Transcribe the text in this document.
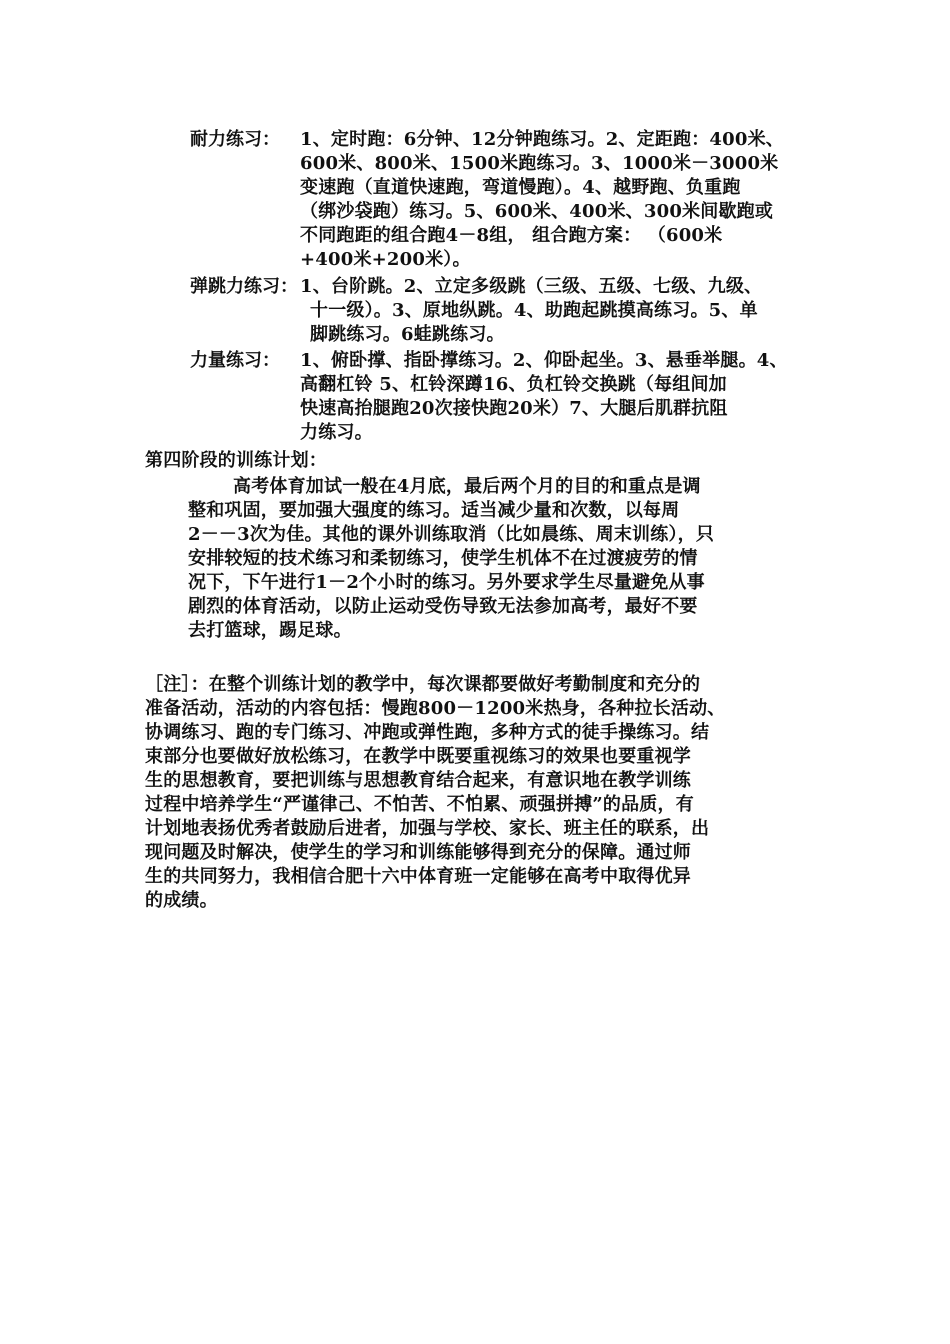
耐力练习： 1、定时跑：6分钟、12分钟跑练习。2、定距跑：400米、
600米、800米、1500米跑练习。3、1000米－3000米
变速跑（直道快速跑，弯道慢跑）。4、越野跑、负重跑
（绑沙袋跑）练习。5、600米、400米、300米间歇跑或
不同跑距的组合跑4－8组， 组合跑方案： （600米
+400米+200米）。
弹跳力练习： 1、台阶跳。2、立定多级跳（三级、五级、七级、九级、
十一级）。3、原地纵跳。4、助跑起跳摸高练习。5、单
脚跳练习。6蛙跳练习。
力量练习： 1、俯卧撑、指卧撑练习。2、仰卧起坐。3、悬垂举腿。4、
高翻杠铃 5、杠铃深蹲16、负杠铃交换跳（每组间加
快速高抬腿跑20次接快跑20米）7、大腿后肌群抗阻
力练习。
第四阶段的训练计划：
高考体育加试一般在4月底，最后两个月的目的和重点是调
整和巩固，要加强大强度的练习。适当减少量和次数，以每周
2－－3次为佳。其他的课外训练取消（比如晨练、周末训练），只
安排较短的技术练习和柔韧练习，使学生机体不在过渡疲劳的情
况下，下午进行1－2个小时的练习。另外要求学生尽量避免从事
剧烈的体育活动，以防止运动受伤导致无法参加高考，最好不要
去打篮球，踢足球。
［注］：在整个训练计划的教学中，每次课都要做好考勤制度和充分的
准备活动，活动的内容包括：慢跑800－1200米热身，各种拉长活动、
协调练习、跑的专门练习、冲跑或弹性跑，多种方式的徒手操练习。结
束部分也要做好放松练习，在教学中既要重视练习的效果也要重视学
生的思想教育，要把训练与思想教育结合起来，有意识地在教学训练
过程中培养学生“严谨律己、不怕苦、不怕累、顽强拼搏”的品质，有
计划地表扬优秀者鼓励后进者，加强与学校、家长、班主任的联系，出
现问题及时解决，使学生的学习和训练能够得到充分的保障。通过师
生的共同努力，我相信合肥十六中体育班一定能够在高考中取得优异
的成绩。
